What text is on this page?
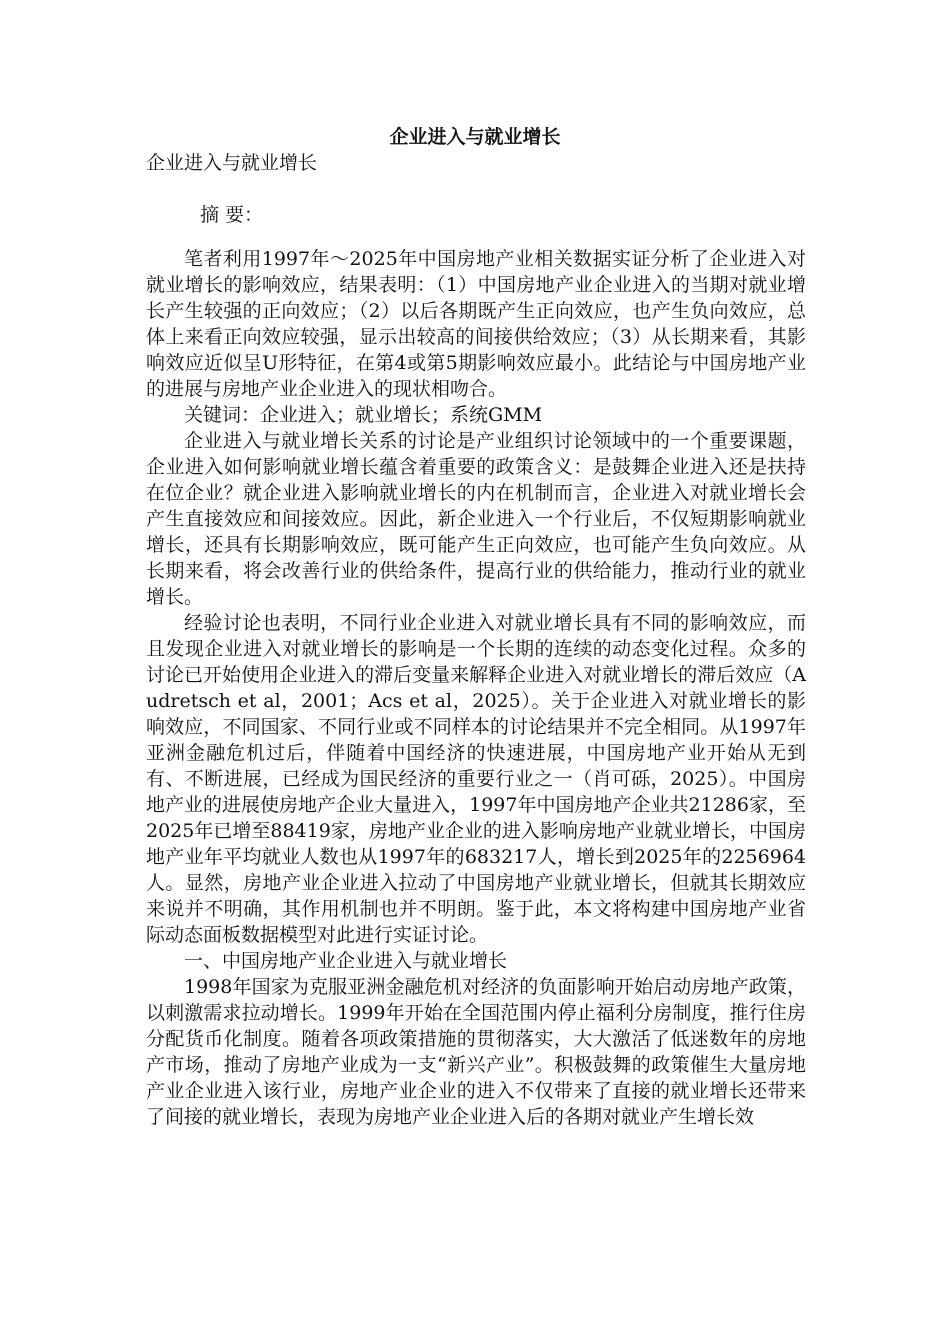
企业进入与就业增长
企业进入与就业增长
摘 要：

笔者利用1997年～2025年中国房地产业相关数据实证分析了企业进入对就业增长的影响效应，结果表明：（1）中国房地产业企业进入的当期对就业增长产生较强的正向效应；（2）以后各期既产生正向效应，也产生负向效应，总体上来看正向效应较强，显示出较高的间接供给效应；（3）从长期来看，其影响效应近似呈U形特征，在第4或第5期影响效应最小。此结论与中国房地产业的进展与房地产业企业进入的现状相吻合。

关键词：企业进入；就业增长；系统GMM

企业进入与就业增长关系的讨论是产业组织讨论领域中的一个重要课题，企业进入如何影响就业增长蕴含着重要的政策含义：是鼓舞企业进入还是扶持在位企业？就企业进入影响就业增长的内在机制而言，企业进入对就业增长会产生直接效应和间接效应。因此，新企业进入一个行业后，不仅短期影响就业增长，还具有长期影响效应，既可能产生正向效应，也可能产生负向效应。从长期来看，将会改善行业的供给条件，提高行业的供给能力，推动行业的就业增长。

经验讨论也表明，不同行业企业进入对就业增长具有不同的影响效应，而且发现企业进入对就业增长的影响是一个长期的连续的动态变化过程。众多的讨论已开始使用企业进入的滞后变量来解释企业进入对就业增长的滞后效应（Audretsch et al，2001；Acs et al，2025）。关于企业进入对就业增长的影响效应，不同国家、不同行业或不同样本的讨论结果并不完全相同。从1997年亚洲金融危机过后，伴随着中国经济的快速进展，中国房地产业开始从无到有、不断进展，已经成为国民经济的重要行业之一（肖可砾，2025）。中国房地产业的进展使房地产企业大量进入，1997年中国房地产企业共21286家，至2025年已增至88419家，房地产业企业的进入影响房地产业就业增长，中国房地产业年平均就业人数也从1997年的683217人，增长到2025年的2256964人。显然，房地产业企业进入拉动了中国房地产业就业增长，但就其长期效应来说并不明确，其作用机制也并不明朗。鉴于此，本文将构建中国房地产业省际动态面板数据模型对此进行实证讨论。

一、中国房地产业企业进入与就业增长

1998年国家为克服亚洲金融危机对经济的负面影响开始启动房地产政策，以刺激需求拉动增长。1999年开始在全国范围内停止福利分房制度，推行住房分配货币化制度。随着各项政策措施的贯彻落实，大大激活了低迷数年的房地产市场，推动了房地产业成为一支“新兴产业”。积极鼓舞的政策催生大量房地产业企业进入该行业，房地产业企业的进入不仅带来了直接的就业增长还带来了间接的就业增长，表现为房地产业企业进入后的各期对就业产生增长效
